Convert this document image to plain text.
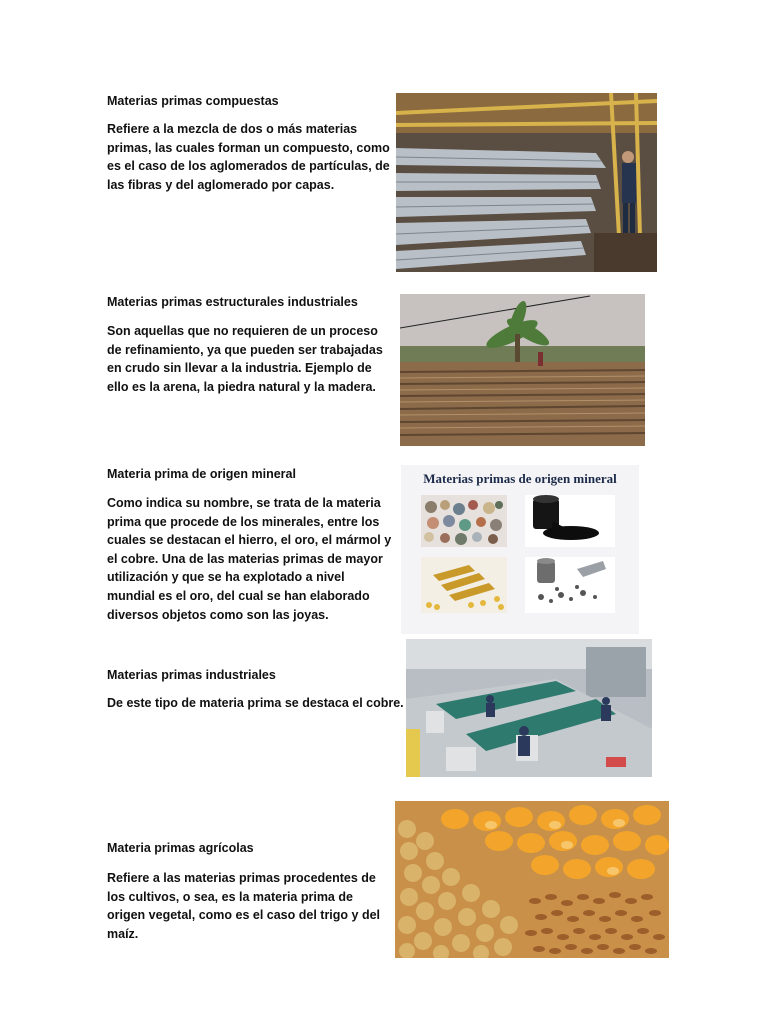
Materias primas compuestas
Refiere a la mezcla de dos o más materias primas, las cuales forman un compuesto, como es el caso de los aglomerados de partículas, de las fibras y del aglomerado por capas.
Materias primas estructurales industriales
Son aquellas que no requieren de un proceso de refinamiento, ya que pueden ser trabajadas en crudo sin llevar a la industria. Ejemplo de ello es la arena, la piedra natural y la madera.
Materia prima de origen mineral
Como indica su nombre, se trata de la materia prima que procede de los minerales, entre los cuales se destacan el hierro, el oro, el mármol y el cobre. Una de las materias primas de mayor utilización y que se ha explotado a nivel mundial es el oro, del cual se han elaborado diversos objetos como son las joyas.
Materias primas de origen mineral
Materias primas industriales
De este tipo de materia prima se destaca el cobre.
Materia primas agrícolas
Refiere a las materias primas procedentes de los cultivos, o sea, es la materia prima de origen vegetal, como es el caso del trigo y del maíz.
